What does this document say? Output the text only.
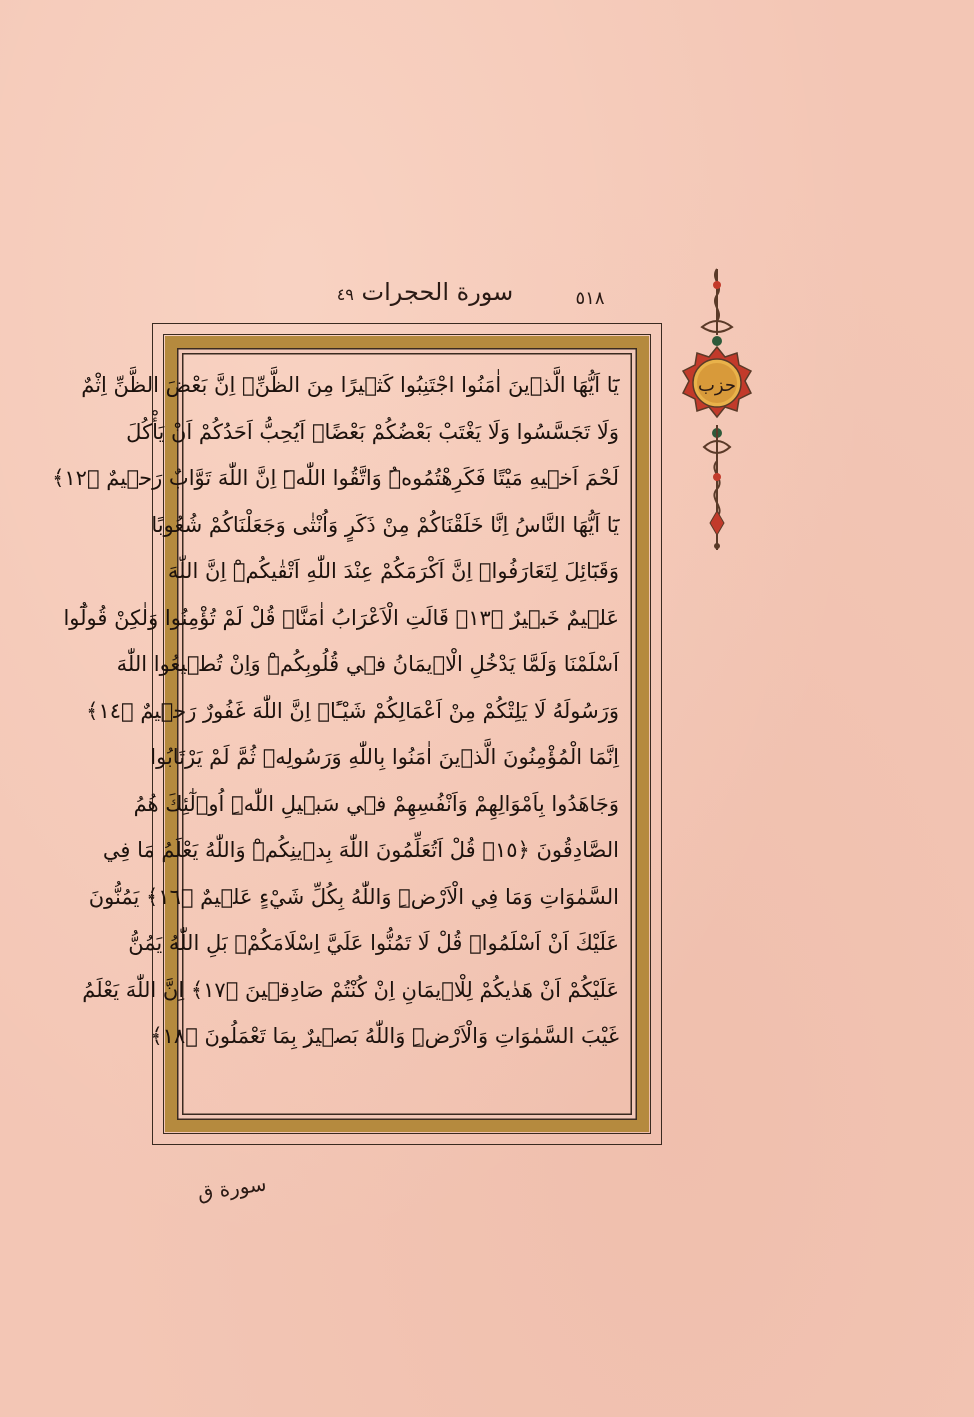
سورة الحجرات ٤٩	٥١٨
حزب
يَٓا اَيُّهَا الَّذ۪ينَ اٰمَنُوا اجْتَنِبُوا كَث۪يرًا مِنَ الظَّنِّۘ اِنَّ بَعْضَ الظَّنِّ اِثْمٌ
وَلَا تَجَسَّسُوا وَلَا يَغْتَبْ بَعْضُكُمْ بَعْضًاۜ اَيُحِبُّ اَحَدُكُمْ اَنْ يَأْكُلَ
لَحْمَ اَخ۪يهِ مَيْتًا فَكَرِهْتُمُوهُۜ وَاتَّقُوا اللّٰهَۜ اِنَّ اللّٰهَ تَوَّابٌ رَح۪يمٌ ﴿١٢﴾
يَٓا اَيُّهَا النَّاسُ اِنَّا خَلَقْنَاكُمْ مِنْ ذَكَرٍ وَاُنْثٰى وَجَعَلْنَاكُمْ شُعُوبًا
وَقَبَٓائِلَ لِتَعَارَفُواۜ اِنَّ اَكْرَمَكُمْ عِنْدَ اللّٰهِ اَتْقٰيكُمْۜ اِنَّ اللّٰهَ
عَل۪يمٌ خَب۪يرٌ ﴿١٣﴾ قَالَتِ الْاَعْرَابُ اٰمَنَّاۜ قُلْ لَمْ تُؤْمِنُوا وَلٰكِنْ قُولُٓوا
اَسْلَمْنَا وَلَمَّا يَدْخُلِ الْا۪يمَانُ ف۪ي قُلُوبِكُمْۜ وَاِنْ تُط۪يعُوا اللّٰهَ
وَرَسُولَهُ لَا يَلِتْكُمْ مِنْ اَعْمَالِكُمْ شَيْـًٔاۜ اِنَّ اللّٰهَ غَفُورٌ رَح۪يمٌ ﴿١٤﴾
اِنَّمَا الْمُؤْمِنُونَ الَّذ۪ينَ اٰمَنُوا بِاللّٰهِ وَرَسُولِه۪ ثُمَّ لَمْ يَرْتَابُوا
وَجَاهَدُوا بِاَمْوَالِهِمْ وَاَنْفُسِهِمْ ف۪ي سَب۪يلِ اللّٰهِۜ اُو۬لٰٓئِكَ هُمُ
الصَّادِقُونَ ﴿١٥﴾ قُلْ اَتُعَلِّمُونَ اللّٰهَ بِد۪ينِكُمْۜ وَاللّٰهُ يَعْلَمُ مَا فِي
السَّمٰوَاتِ وَمَا فِي الْاَرْضِۜ وَاللّٰهُ بِكُلِّ شَيْءٍ عَل۪يمٌ ﴿١٦﴾ يَمُنُّونَ
عَلَيْكَ اَنْ اَسْلَمُواۜ قُلْ لَا تَمُنُّوا عَلَيَّ اِسْلَامَكُمْۚ بَلِ اللّٰهُ يَمُنُّ
عَلَيْكُمْ اَنْ هَدٰيكُمْ لِلْا۪يمَانِ اِنْ كُنْتُمْ صَادِق۪ينَ ﴿١٧﴾ اِنَّ اللّٰهَ يَعْلَمُ
غَيْبَ السَّمٰوَاتِ وَالْاَرْضِۜ وَاللّٰهُ بَص۪يرٌ بِمَا تَعْمَلُونَ ﴿١٨﴾
سورة ق
